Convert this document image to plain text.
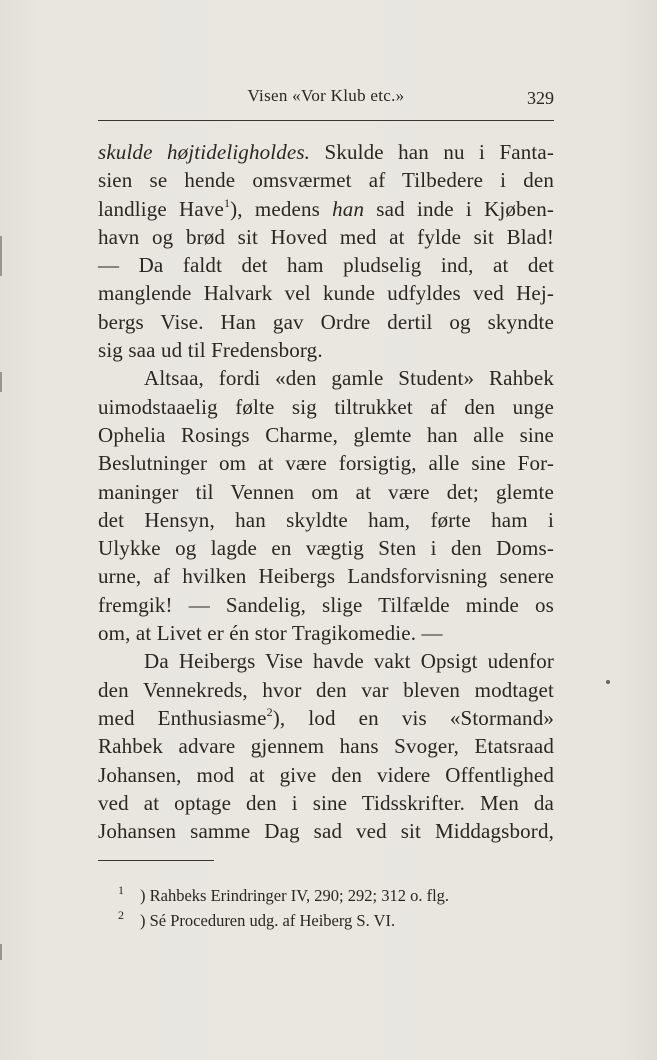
Visen «Vor Klub etc.»	329
skulde højtideligholdes. Skulde han nu i Fanta-
sien se hende omsværmet af Tilbedere i den
landlige Have$^1$), medens han sad inde i Kjøben-
havn og brød sit Hoved med at fylde sit Blad!
— Da faldt det ham pludselig ind, at det
manglende Halvark vel kunde udfyldes ved Hej-
bergs Vise. Han gav Ordre dertil og skyndte
sig saa ud til Fredensborg.
Altsaa, fordi «den gamle Student» Rahbek
uimodstaaelig følte sig tiltrukket af den unge
Ophelia Rosings Charme, glemte han alle sine
Beslutninger om at være forsigtig, alle sine For-
maninger til Vennen om at være det; glemte
det Hensyn, han skyldte ham, førte ham i
Ulykke og lagde en vægtig Sten i den Doms-
urne, af hvilken Heibergs Landsforvisning senere
fremgik! — Sandelig, slige Tilfælde minde os
om, at Livet er én stor Tragikomedie. —
Da Heibergs Vise havde vakt Opsigt udenfor
den Vennekreds, hvor den var bleven modtaget
med Enthusiasme$^2$), lod en vis «Stormand»
Rahbek advare gjennem hans Svoger, Etatsraad
Johansen, mod at give den videre Offentlighed
ved at optage den i sine Tidsskrifter. Men da
Johansen samme Dag sad ved sit Middagsbord,
1 ) Rahbeks Erindringer IV, 290; 292; 312 o. flg.
2 ) Sé Proceduren udg. af Heiberg S. VI.
